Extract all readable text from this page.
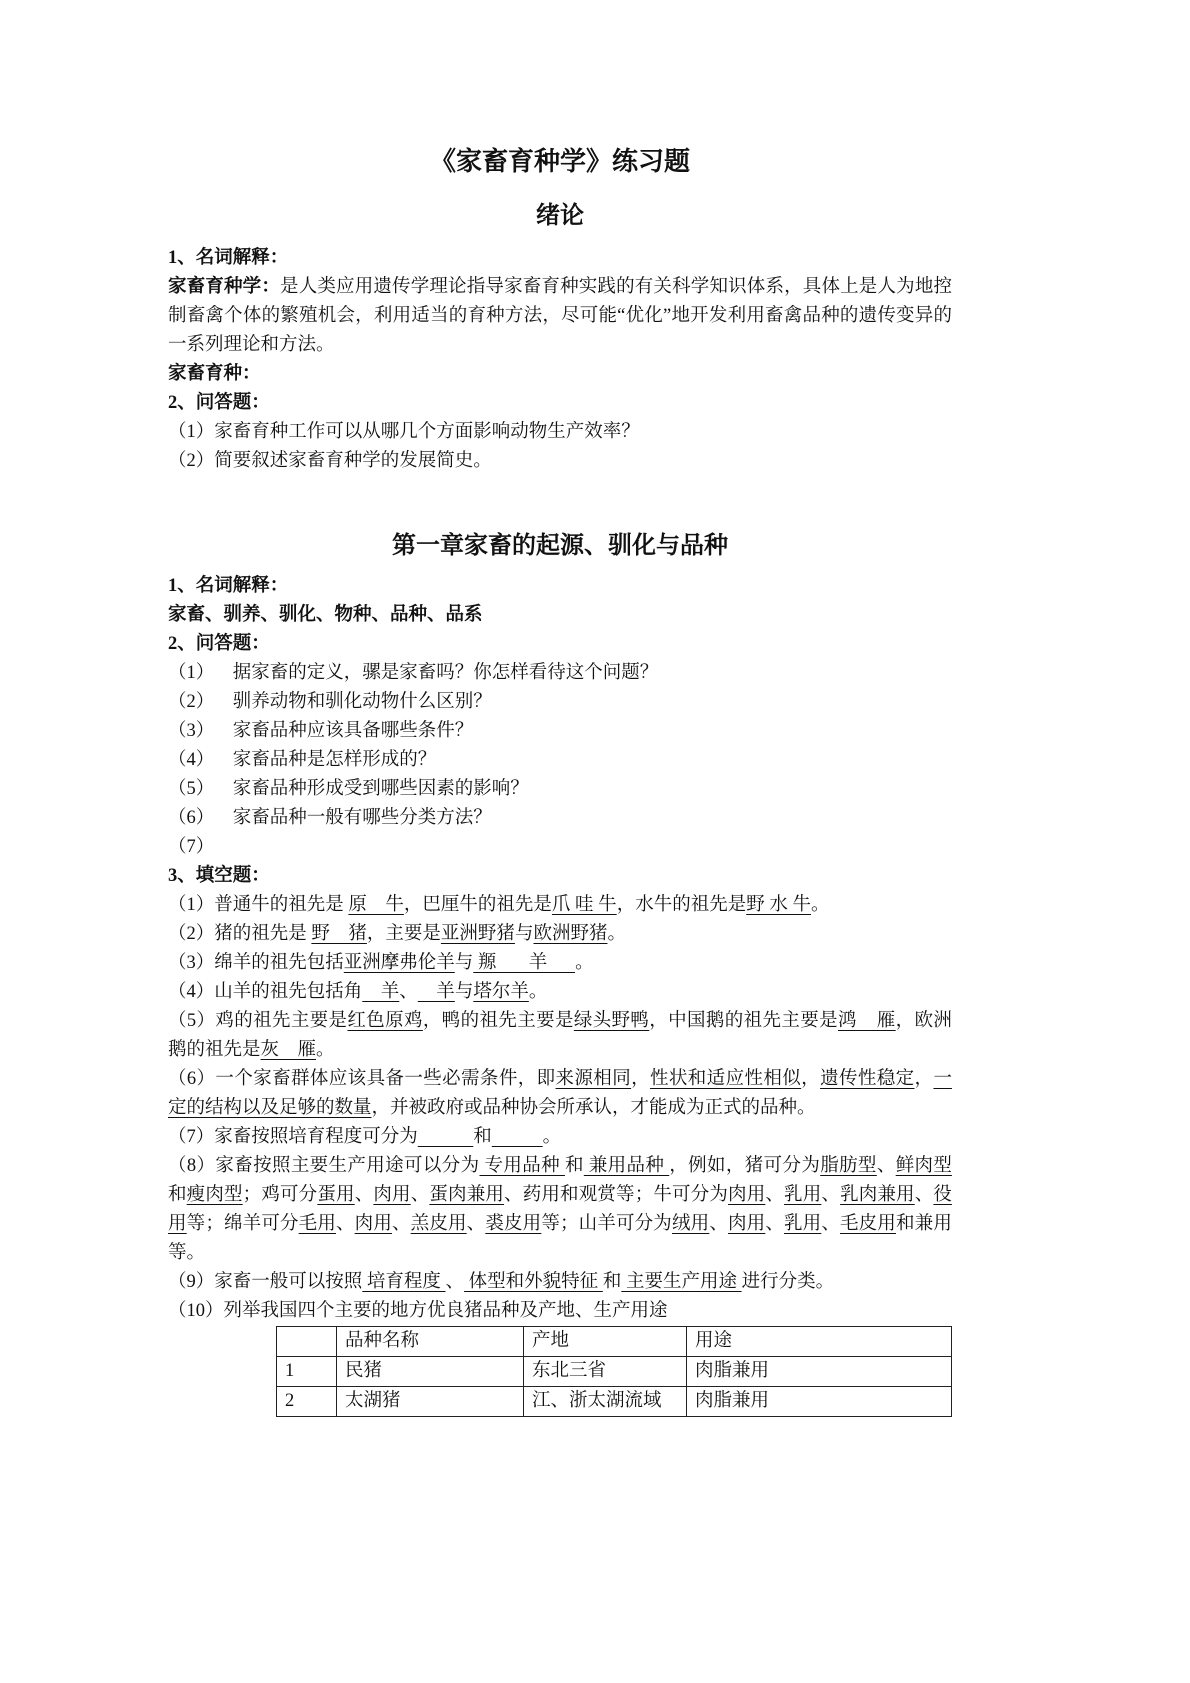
《家畜育种学》练习题
绪论

1、名词解释：

家畜育种学：是人类应用遗传学理论指导家畜育种实践的有关科学知识体系，具体上是人为地控制畜禽个体的繁殖机会，利用适当的育种方法，尽可能“优化”地开发利用畜禽品种的遗传变异的一系列理论和方法。

家畜育种：

2、问答题：

（1）家畜育种工作可以从哪几个方面影响动物生产效率？

（2）简要叙述家畜育种学的发展简史。

第一章家畜的起源、驯化与品种

1、名词解释：

家畜、驯养、驯化、物种、品种、品系

2、问答题：

（1）    据家畜的定义，骡是家畜吗？你怎样看待这个问题？

（2）    驯养动物和驯化动物什么区别？

（3）    家畜品种应该具备哪些条件？

（4）    家畜品种是怎样形成的？

（5）    家畜品种形成受到哪些因素的影响？

（6）    家畜品种一般有哪些分类方法？

（7）

3、填空题：

（1）普通牛的祖先是 原    牛，巴厘牛的祖先是爪 哇 牛，水牛的祖先是野 水 牛。

（2）猪的祖先是 野    猪，主要是亚洲野猪与欧洲野猪。

（3）绵羊的祖先包括亚洲摩弗伦羊与 羱       羊      。

（4）山羊的祖先包括角    羊、    羊与塔尔羊。

（5）鸡的祖先主要是红色原鸡，鸭的祖先主要是绿头野鸭，中国鹅的祖先主要是鸿    雁，欧洲鹅的祖先是灰    雁。

（6）一个家畜群体应该具备一些必需条件，即来源相同，性状和适应性相似，遗传性稳定，一定的结构以及足够的数量，并被政府或品种协会所承认，才能成为正式的品种。

（7）家畜按照培育程度可分为	和	。

（8）家畜按照主要生产用途可以分为 专用品种 和 兼用品种 ，例如，猪可分为脂肪型、鲜肉型和瘦肉型；鸡可分蛋用、肉用、蛋肉兼用、药用和观赏等；牛可分为肉用、乳用、乳肉兼用、役用等；绵羊可分毛用、肉用、羔皮用、裘皮用等；山羊可分为绒用、肉用、乳用、毛皮用和兼用等。

（9）家畜一般可以按照 培育程度 、 体型和外貌特征 和 主要生产用途 进行分类。

（10）列举我国四个主要的地方优良猪品种及产地、生产用途

	品种名称	产地	用途
1	民猪	东北三省	肉脂兼用
2	太湖猪	江、浙太湖流域	肉脂兼用
